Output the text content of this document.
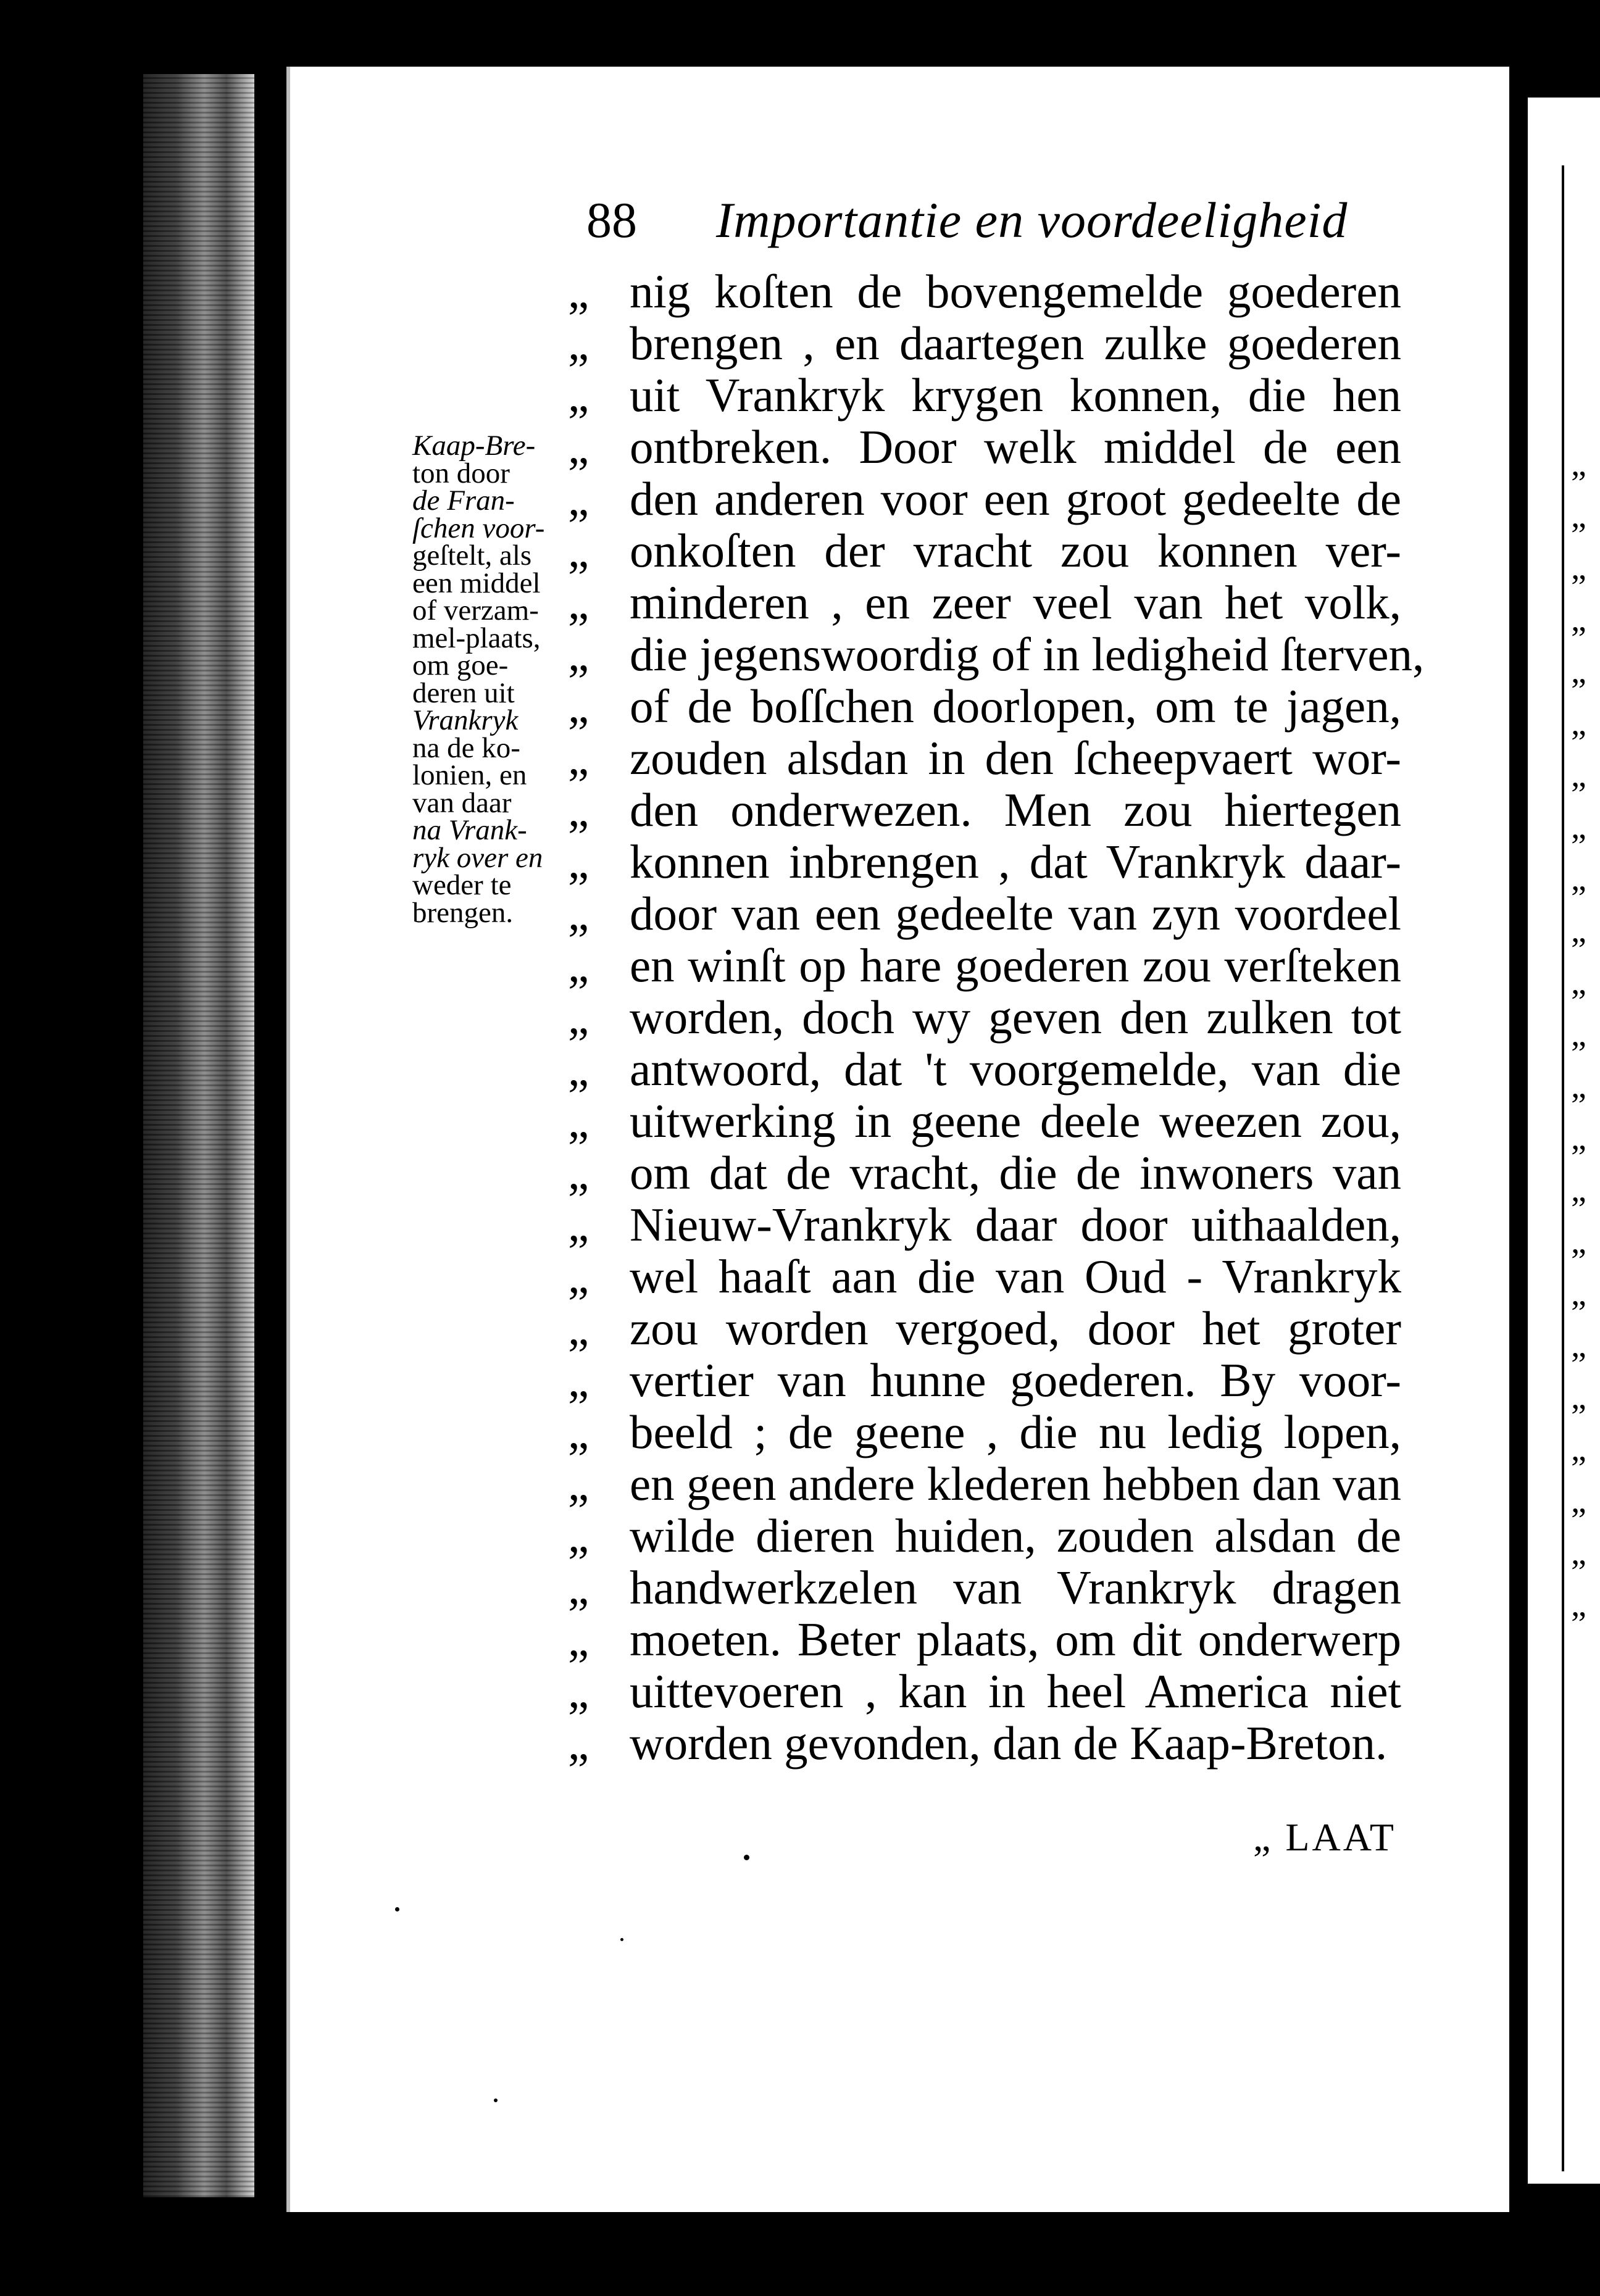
„
„
„
„
„
„
„
„
„
„
„
„
„
„
„
„
„
„
„
„
„
„
„
88 Importantie en voordeeligheid
„ nig koſten de bovengemelde goederen
„ brengen , en daartegen zulke goederen
„ uit Vrankryk krygen konnen, die hen
„ ontbreken. Door welk middel de een
„ den anderen voor een groot gedeelte de
„ onkoſten der vracht zou konnen ver-
„ minderen , en zeer veel van het volk,
„ die jegenswoordig of in ledigheid ſterven,
„ of de boſſchen doorlopen, om te jagen,
„ zouden alsdan in den ſcheepvaert wor-
„ den onderwezen. Men zou hiertegen
„ konnen inbrengen , dat Vrankryk daar-
„ door van een gedeelte van zyn voordeel
„ en winſt op hare goederen zou verſteken
„ worden, doch wy geven den zulken tot
„ antwoord, dat 't voorgemelde, van die
„ uitwerking in geene deele weezen zou,
„ om dat de vracht, die de inwoners van
„ Nieuw-Vrankryk daar door uithaalden,
„ wel haaſt aan die van Oud - Vrankryk
„ zou worden vergoed, door het groter
„ vertier van hunne goederen. By voor-
„ beeld ; de geene , die nu ledig lopen,
„ en geen andere klederen hebben dan van
„ wilde dieren huiden, zouden alsdan de
„ handwerkzelen van Vrankryk dragen
„ moeten. Beter plaats, om dit onderwerp
„ uittevoeren , kan in heel America niet
„ worden gevonden, dan de Kaap-Breton.
Kaap-Bre-
ton door
de Fran-
ſchen voor-
geſtelt, als
een middel
of verzam-
mel-plaats,
om goe-
deren uit
Vrankryk
na de ko-
lonien, en
van daar
na Vrank-
ryk over en
weder te
brengen.
„ LAAT
